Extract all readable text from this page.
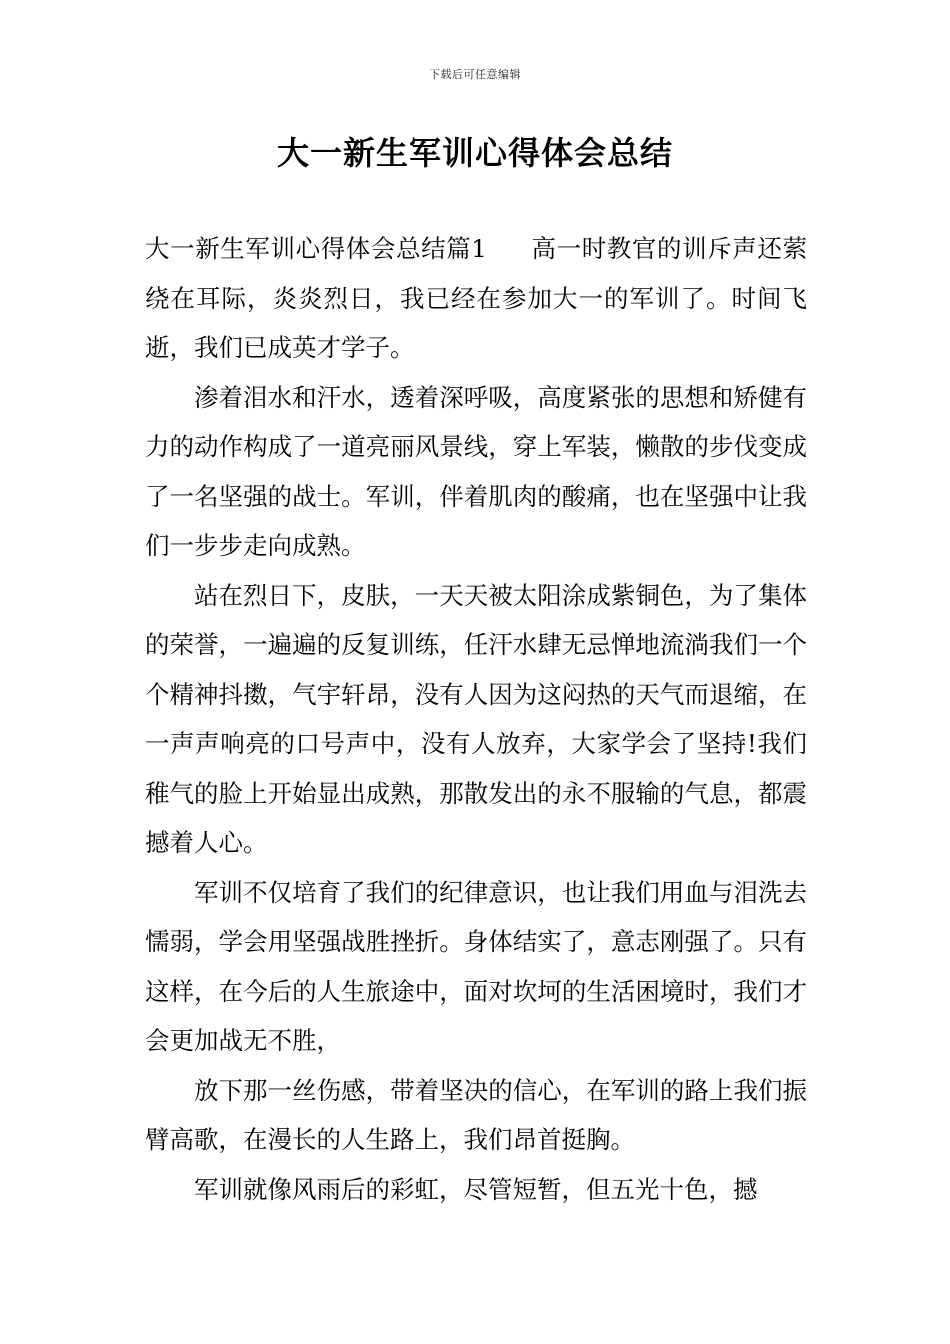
下载后可任意编辑
大一新生军训心得体会总结

大一新生军训心得体会总结篇1 高一时教官的训斥声还萦绕在耳际，炎炎烈日，我已经在参加大一的军训了。时间飞逝，我们已成英才学子。

渗着泪水和汗水，透着深呼吸，高度紧张的思想和矫健有力的动作构成了一道亮丽风景线，穿上军装，懒散的步伐变成了一名坚强的战士。军训，伴着肌肉的酸痛，也在坚强中让我们一步步走向成熟。

站在烈日下，皮肤，一天天被太阳涂成紫铜色，为了集体的荣誉，一遍遍的反复训练，任汗水肆无忌惮地流淌我们一个个精神抖擞，气宇轩昂，没有人因为这闷热的天气而退缩，在一声声响亮的口号声中，没有人放弃，大家学会了坚持!我们稚气的脸上开始显出成熟，那散发出的永不服输的气息，都震撼着人心。

军训不仅培育了我们的纪律意识，也让我们用血与泪洗去懦弱，学会用坚强战胜挫折。身体结实了，意志刚强了。只有这样，在今后的人生旅途中，面对坎坷的生活困境时，我们才会更加战无不胜，

放下那一丝伤感，带着坚决的信心，在军训的路上我们振臂高歌，在漫长的人生路上，我们昂首挺胸。

军训就像风雨后的彩虹，尽管短暂，但五光十色，撼
